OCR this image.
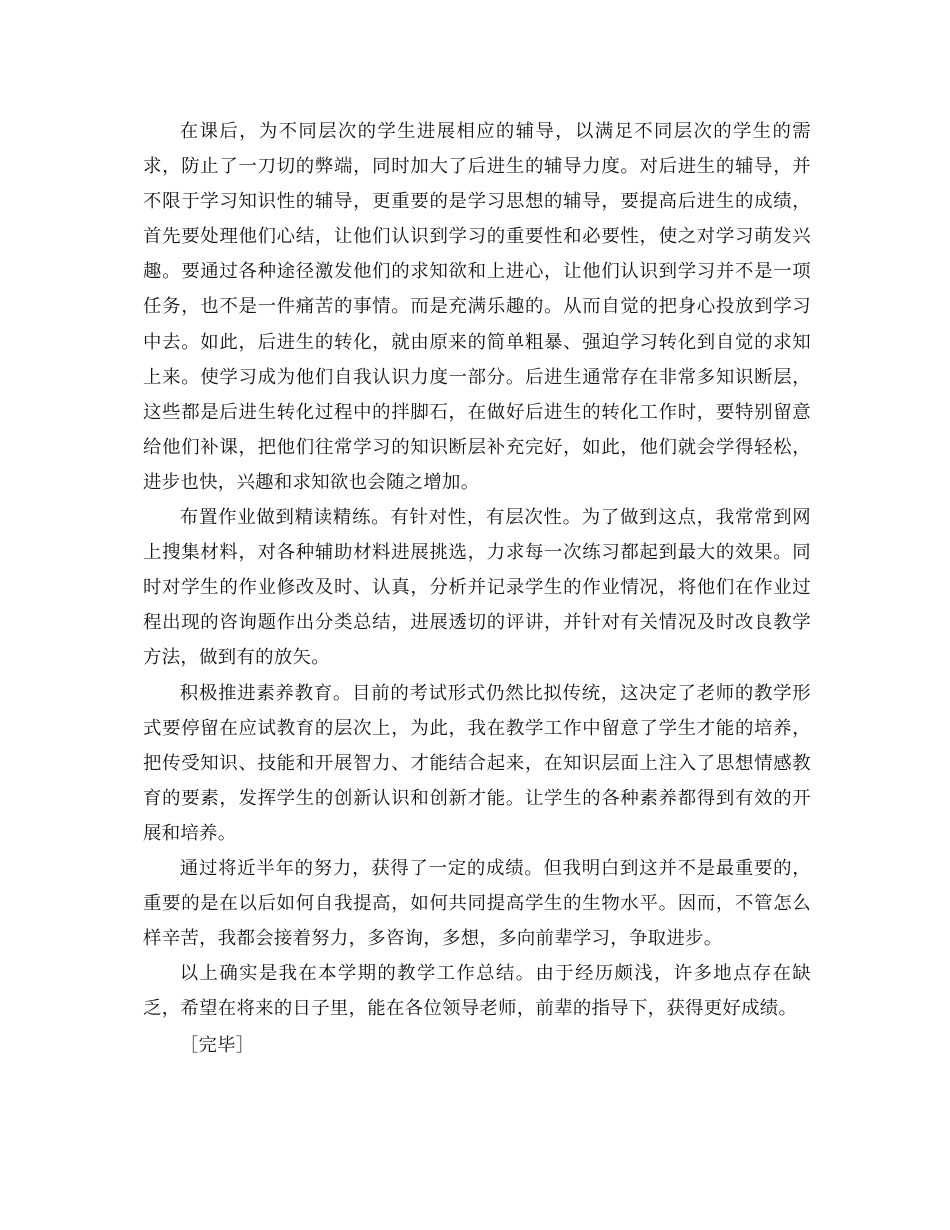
在课后，为不同层次的学生进展相应的辅导，以满足不同层次的学生的需求，防止了一刀切的弊端，同时加大了后进生的辅导力度。对后进生的辅导，并不限于学习知识性的辅导，更重要的是学习思想的辅导，要提高后进生的成绩，首先要处理他们心结，让他们认识到学习的重要性和必要性，使之对学习萌发兴趣。要通过各种途径激发他们的求知欲和上进心，让他们认识到学习并不是一项任务，也不是一件痛苦的事情。而是充满乐趣的。从而自觉的把身心投放到学习中去。如此，后进生的转化，就由原来的简单粗暴、强迫学习转化到自觉的求知上来。使学习成为他们自我认识力度一部分。后进生通常存在非常多知识断层，这些都是后进生转化过程中的拌脚石，在做好后进生的转化工作时，要特别留意给他们补课，把他们往常学习的知识断层补充完好，如此，他们就会学得轻松，进步也快，兴趣和求知欲也会随之增加。

布置作业做到精读精练。有针对性，有层次性。为了做到这点，我常常到网上搜集材料，对各种辅助材料进展挑选，力求每一次练习都起到最大的效果。同时对学生的作业修改及时、认真，分析并记录学生的作业情况，将他们在作业过程出现的咨询题作出分类总结，进展透切的评讲，并针对有关情况及时改良教学方法，做到有的放矢。

积极推进素养教育。目前的考试形式仍然比拟传统，这决定了老师的教学形式要停留在应试教育的层次上，为此，我在教学工作中留意了学生才能的培养，把传受知识、技能和开展智力、才能结合起来，在知识层面上注入了思想情感教育的要素，发挥学生的创新认识和创新才能。让学生的各种素养都得到有效的开展和培养。

通过将近半年的努力，获得了一定的成绩。但我明白到这并不是最重要的，重要的是在以后如何自我提高，如何共同提高学生的生物水平。因而，不管怎么样辛苦，我都会接着努力，多咨询，多想，多向前辈学习，争取进步。

以上确实是我在本学期的教学工作总结。由于经历颇浅，许多地点存在缺乏，希望在将来的日子里，能在各位领导老师，前辈的指导下，获得更好成绩。

［完毕］
